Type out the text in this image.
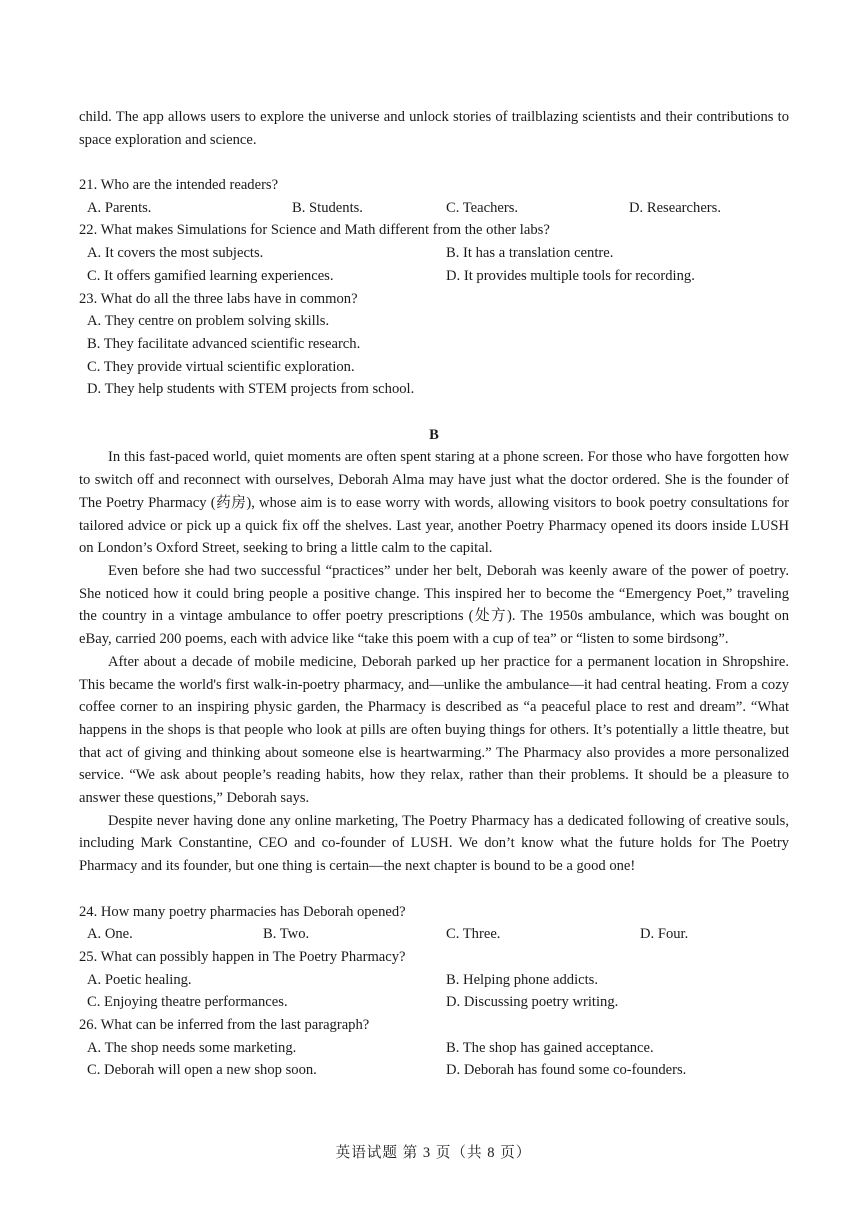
child. The app allows users to explore the universe and unlock stories of trailblazing scientists and their contributions to space exploration and science.

21. Who are the intended readers?

A. Parents.	B. Students.	C. Teachers.	D. Researchers.

22. What makes Simulations for Science and Math different from the other labs?

A. It covers the most subjects.	B. It has a translation centre.
C. It offers gamified learning experiences.	D. It provides multiple tools for recording.

23. What do all the three labs have in common?

A. They centre on problem solving skills.

B. They facilitate advanced scientific research.

C. They provide virtual scientific exploration.

D. They help students with STEM projects from school.

B

In this fast-paced world, quiet moments are often spent staring at a phone screen. For those who have forgotten how to switch off and reconnect with ourselves, Deborah Alma may have just what the doctor ordered. She is the founder of The Poetry Pharmacy (药房), whose aim is to ease worry with words, allowing visitors to book poetry consultations for tailored advice or pick up a quick fix off the shelves. Last year, another Poetry Pharmacy opened its doors inside LUSH on London’s Oxford Street, seeking to bring a little calm to the capital.

Even before she had two successful “practices” under her belt, Deborah was keenly aware of the power of poetry. She noticed how it could bring people a positive change. This inspired her to become the “Emergency Poet,” traveling the country in a vintage ambulance to offer poetry prescriptions (处方). The 1950s ambulance, which was bought on eBay, carried 200 poems, each with advice like “take this poem with a cup of tea” or “listen to some birdsong”.

After about a decade of mobile medicine, Deborah parked up her practice for a permanent location in Shropshire. This became the world's first walk-in-poetry pharmacy, and—unlike the ambulance—it had central heating. From a cozy coffee corner to an inspiring physic garden, the Pharmacy is described as “a peaceful place to rest and dream”. “What happens in the shops is that people who look at pills are often buying things for others. It’s potentially a little theatre, but that act of giving and thinking about someone else is heartwarming.” The Pharmacy also provides a more personalized service. “We ask about people’s reading habits, how they relax, rather than their problems. It should be a pleasure to answer these questions,” Deborah says.

Despite never having done any online marketing, The Poetry Pharmacy has a dedicated following of creative souls, including Mark Constantine, CEO and co-founder of LUSH. We don’t know what the future holds for The Poetry Pharmacy and its founder, but one thing is certain—the next chapter is bound to be a good one!

24. How many poetry pharmacies has Deborah opened?

A. One.	B. Two.	C. Three.	D. Four.

25. What can possibly happen in The Poetry Pharmacy?

A. Poetic healing.	B. Helping phone addicts.
C. Enjoying theatre performances.	D. Discussing poetry writing.

26. What can be inferred from the last paragraph?

A. The shop needs some marketing.	B. The shop has gained acceptance.
C. Deborah will open a new shop soon.	D. Deborah has found some co-founders.
英语试题 第 3 页（共 8 页）
